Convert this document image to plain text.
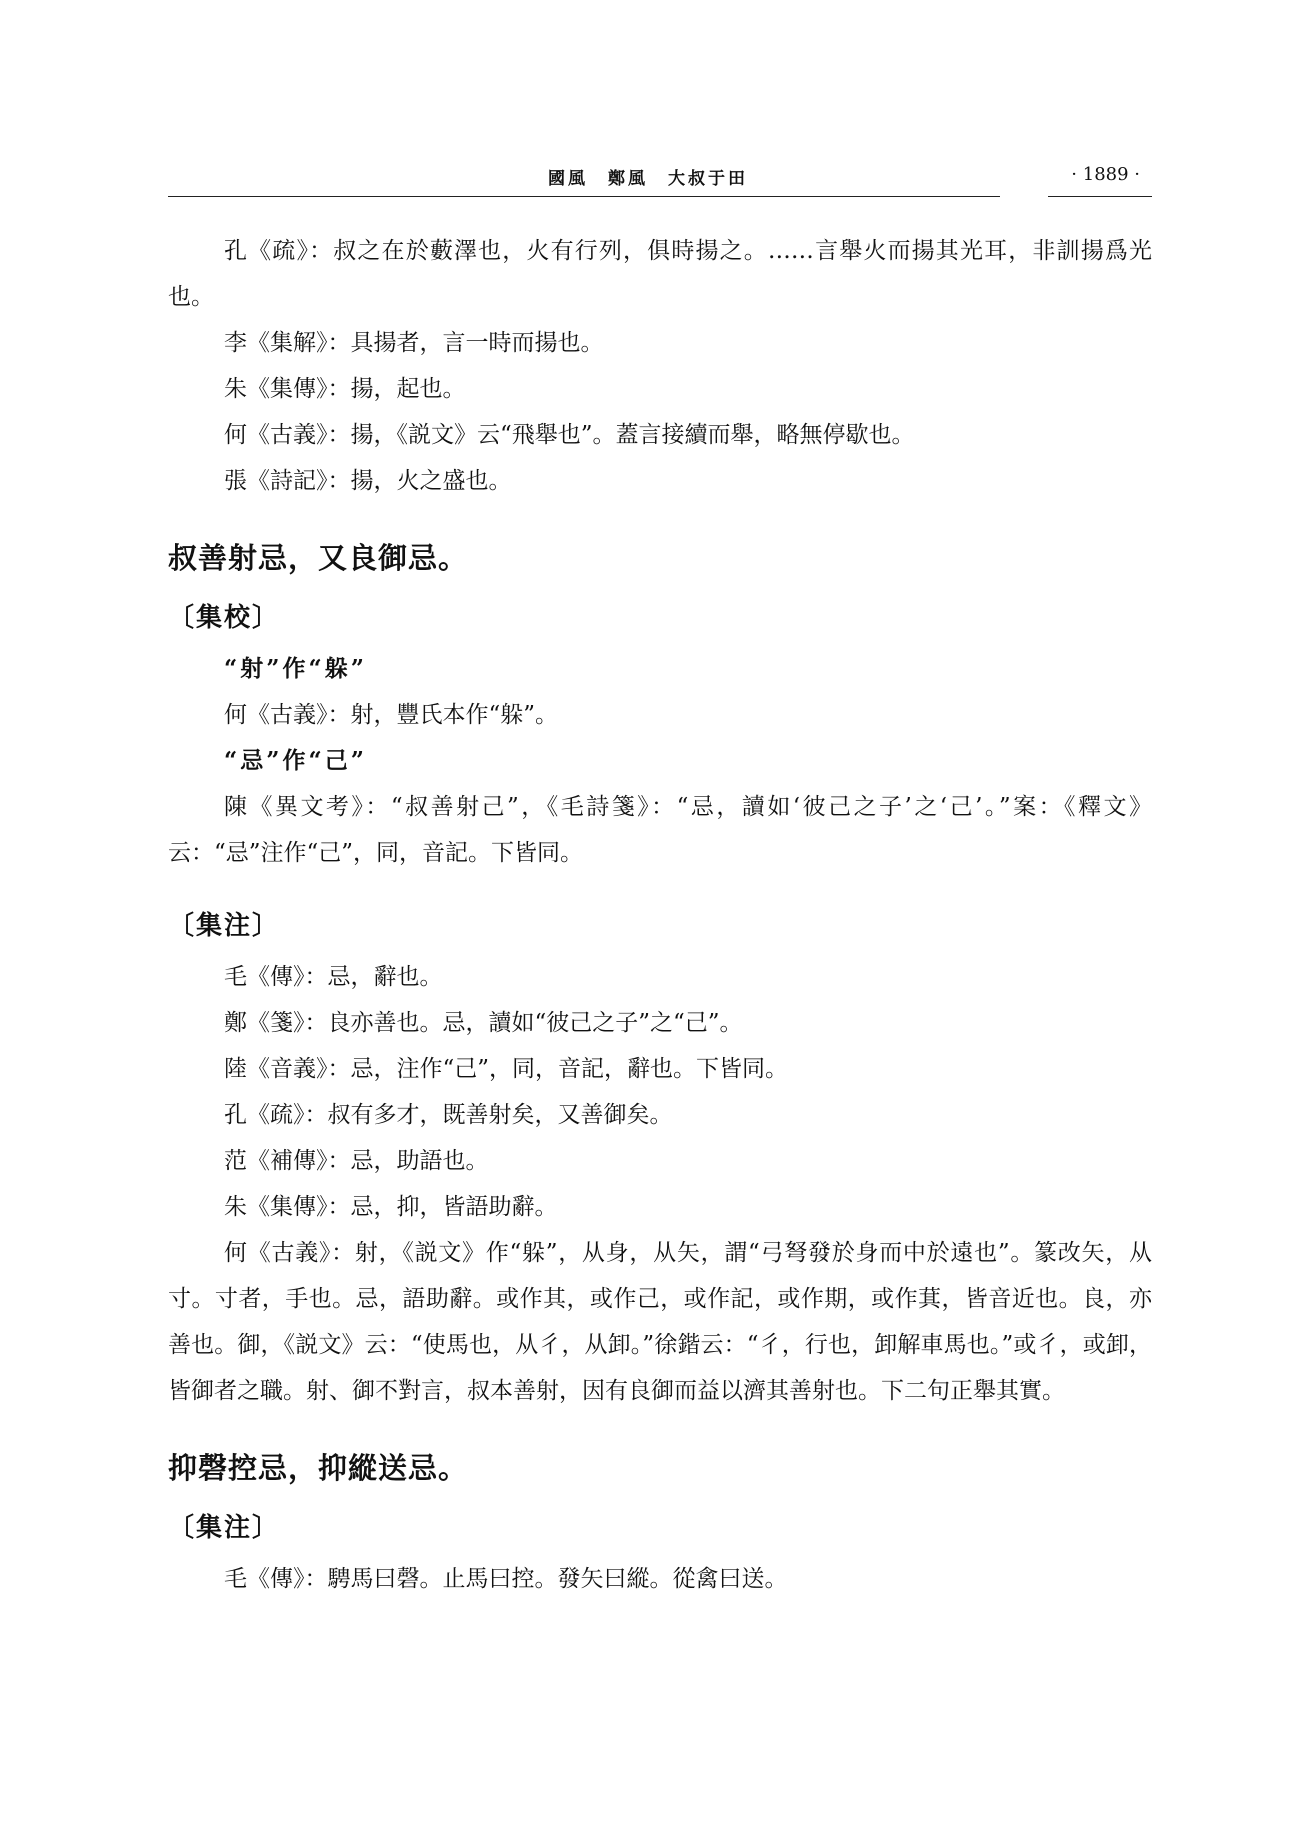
國風　鄭風　大叔于田	· 1889 ·

孔《疏》：叔之在於藪澤也，火有行列，俱時揚之。……言舉火而揚其光耳，非訓揚爲光也。

李《集解》：具揚者，言一時而揚也。

朱《集傳》：揚，起也。

何《古義》：揚，《説文》云“飛舉也”。蓋言接續而舉，略無停歇也。

張《詩記》：揚，火之盛也。

叔善射忌，又良御忌。
〔集校〕

“射”作“躲”

何《古義》：射，豐氏本作“躲”。

“忌”作“己”

陳《異文考》：“叔善射己”，《毛詩箋》：“忌，讀如‘彼己之子’之‘己’。”案：《釋文》云：“忌”注作“己”，同，音記。下皆同。

〔集注〕

毛《傳》：忌，辭也。

鄭《箋》：良亦善也。忌，讀如“彼己之子”之“己”。

陸《音義》：忌，注作“己”，同，音記，辭也。下皆同。

孔《疏》：叔有多才，既善射矣，又善御矣。

范《補傳》：忌，助語也。

朱《集傳》：忌，抑，皆語助辭。

何《古義》：射，《説文》作“躲”，从身，从矢，謂“弓弩發於身而中於遠也”。篆改矢，从寸。寸者，手也。忌，語助辭。或作其，或作己，或作記，或作期，或作萁，皆音近也。良，亦善也。御，《説文》云：“使馬也，从彳，从卸。”徐鍇云：“彳，行也，卸解車馬也。”或彳，或卸，皆御者之職。射、御不對言，叔本善射，因有良御而益以濟其善射也。下二句正舉其實。

抑磬控忌，抑縱送忌。
〔集注〕

毛《傳》：騁馬曰磬。止馬曰控。發矢曰縱。從禽曰送。
